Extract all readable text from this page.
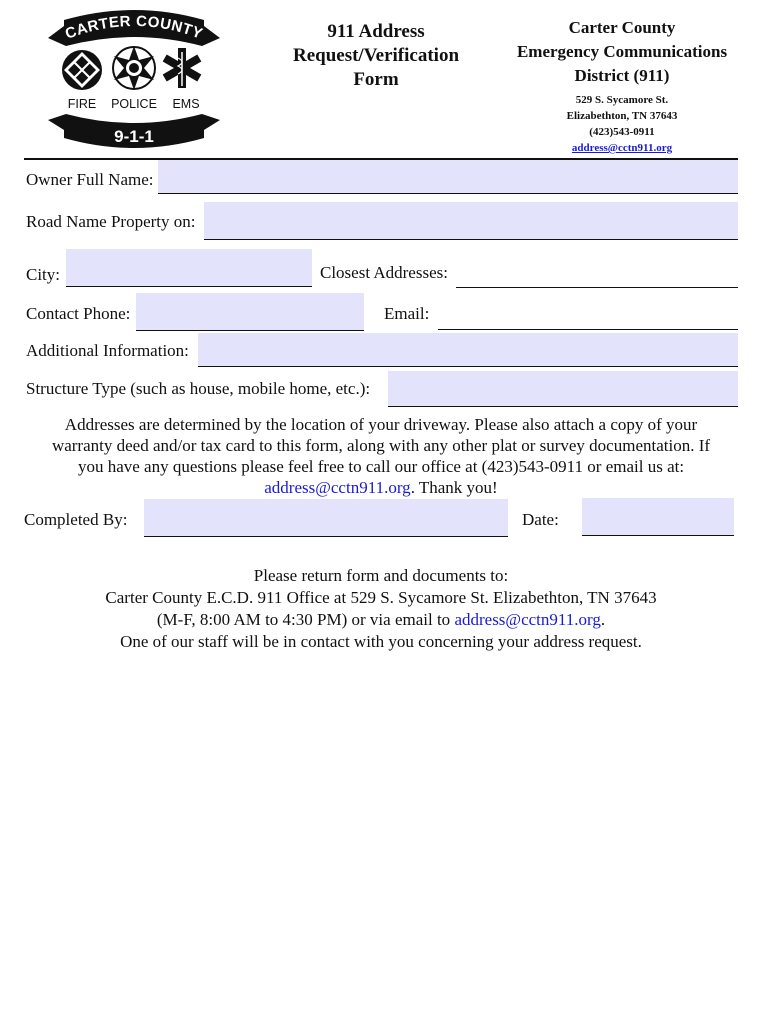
CARTER COUNTY
FIRE POLICE EMS
9-1-1
911 Address
Request/Verification
Form
Carter County
Emergency Communications
District (911)
529 S. Sycamore St.
Elizabethton, TN 37643
(423)543-0911
address@cctn911.org
Owner Full Name:
Road Name Property on:
City:	Closest Addresses:
Contact Phone:	Email:
Additional Information:
Structure Type (such as house, mobile home, etc.):
Addresses are determined by the location of your driveway. Please also attach a copy of your
warranty deed and/or tax card to this form, along with any other plat or survey documentation. If
you have any questions please feel free to call our office at (423)543-0911 or email us at:
address@cctn911.org. Thank you!
Completed By:	Date:
Please return form and documents to:
Carter County E.C.D. 911 Office at 529 S. Sycamore St. Elizabethton, TN 37643
(M-F, 8:00 AM to 4:30 PM) or via email to address@cctn911.org.
One of our staff will be in contact with you concerning your address request.
